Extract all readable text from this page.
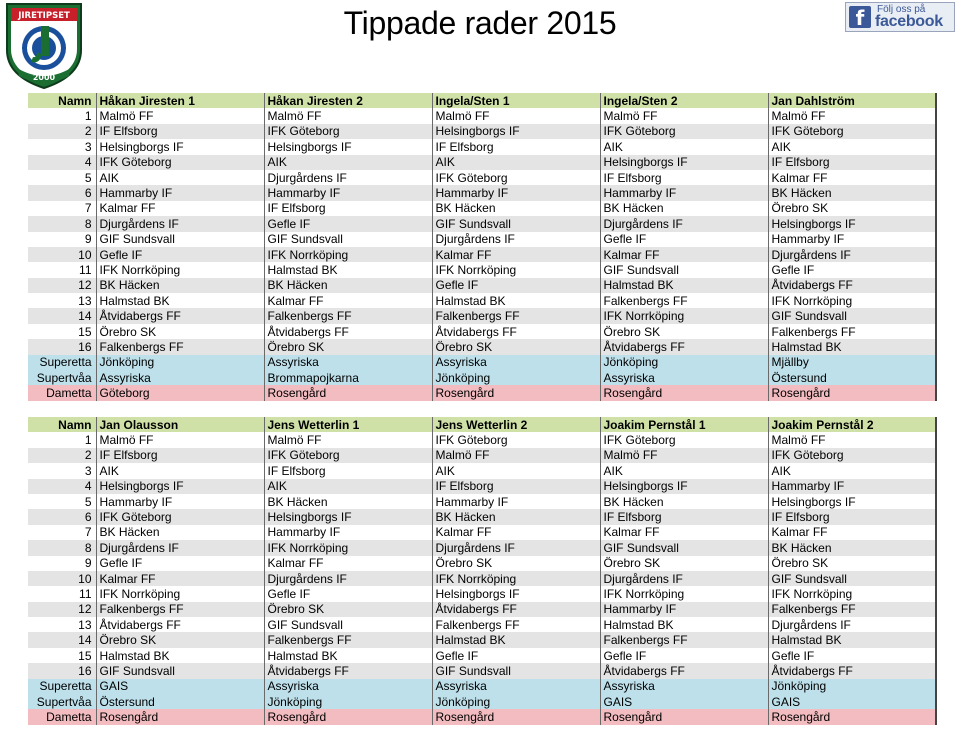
JIRETIPSET
2000
Tippade rader 2015	f	Följ oss på
facebook
Namn	Håkan Jiresten 1	Håkan Jiresten 2	Ingela/Sten 1	Ingela/Sten 2	Jan Dahlström
1	Malmö FF	Malmö FF	Malmö FF	Malmö FF	Malmö FF
2	IF Elfsborg	IFK Göteborg	Helsingborgs IF	IFK Göteborg	IFK Göteborg
3	Helsingborgs IF	Helsingborgs IF	IF Elfsborg	AIK	AIK
4	IFK Göteborg	AIK	AIK	Helsingborgs IF	IF Elfsborg
5	AIK	Djurgårdens IF	IFK Göteborg	IF Elfsborg	Kalmar FF
6	Hammarby IF	Hammarby IF	Hammarby IF	Hammarby IF	BK Häcken
7	Kalmar FF	IF Elfsborg	BK Häcken	BK Häcken	Örebro SK
8	Djurgårdens IF	Gefle IF	GIF Sundsvall	Djurgårdens IF	Helsingborgs IF
9	GIF Sundsvall	GIF Sundsvall	Djurgårdens IF	Gefle IF	Hammarby IF
10	Gefle IF	IFK Norrköping	Kalmar FF	Kalmar FF	Djurgårdens IF
11	IFK Norrköping	Halmstad BK	IFK Norrköping	GIF Sundsvall	Gefle IF
12	BK Häcken	BK Häcken	Gefle IF	Halmstad BK	Åtvidabergs FF
13	Halmstad BK	Kalmar FF	Halmstad BK	Falkenbergs FF	IFK Norrköping
14	Åtvidabergs FF	Falkenbergs FF	Falkenbergs FF	IFK Norrköping	GIF Sundsvall
15	Örebro SK	Åtvidabergs FF	Åtvidabergs FF	Örebro SK	Falkenbergs FF
16	Falkenbergs FF	Örebro SK	Örebro SK	Åtvidabergs FF	Halmstad BK
Superetta	Jönköping	Assyriska	Assyriska	Jönköping	Mjällby
Supertvåa	Assyriska	Brommapojkarna	Jönköping	Assyriska	Östersund
Dametta	Göteborg	Rosengård	Rosengård	Rosengård	Rosengård
Namn	Jan Olausson	Jens Wetterlin 1	Jens Wetterlin 2	Joakim Pernstål 1	Joakim Pernstål 2
1	Malmö FF	Malmö FF	IFK Göteborg	IFK Göteborg	Malmö FF
2	IF Elfsborg	IFK Göteborg	Malmö FF	Malmö FF	IFK Göteborg
3	AIK	IF Elfsborg	AIK	AIK	AIK
4	Helsingborgs IF	AIK	IF Elfsborg	Helsingborgs IF	Hammarby IF
5	Hammarby IF	BK Häcken	Hammarby IF	BK Häcken	Helsingborgs IF
6	IFK Göteborg	Helsingborgs IF	BK Häcken	IF Elfsborg	IF Elfsborg
7	BK Häcken	Hammarby IF	Kalmar FF	Kalmar FF	Kalmar FF
8	Djurgårdens IF	IFK Norrköping	Djurgårdens IF	GIF Sundsvall	BK Häcken
9	Gefle IF	Kalmar FF	Örebro SK	Örebro SK	Örebro SK
10	Kalmar FF	Djurgårdens IF	IFK Norrköping	Djurgårdens IF	GIF Sundsvall
11	IFK Norrköping	Gefle IF	Helsingborgs IF	IFK Norrköping	IFK Norrköping
12	Falkenbergs FF	Örebro SK	Åtvidabergs FF	Hammarby IF	Falkenbergs FF
13	Åtvidabergs FF	GIF Sundsvall	Falkenbergs FF	Halmstad BK	Djurgårdens IF
14	Örebro SK	Falkenbergs FF	Halmstad BK	Falkenbergs FF	Halmstad BK
15	Halmstad BK	Halmstad BK	Gefle IF	Gefle IF	Gefle IF
16	GIF Sundsvall	Åtvidabergs FF	GIF Sundsvall	Åtvidabergs FF	Åtvidabergs FF
Superetta	GAIS	Assyriska	Assyriska	Assyriska	Jönköping
Supertvåa	Östersund	Jönköping	Jönköping	GAIS	GAIS
Dametta	Rosengård	Rosengård	Rosengård	Rosengård	Rosengård
